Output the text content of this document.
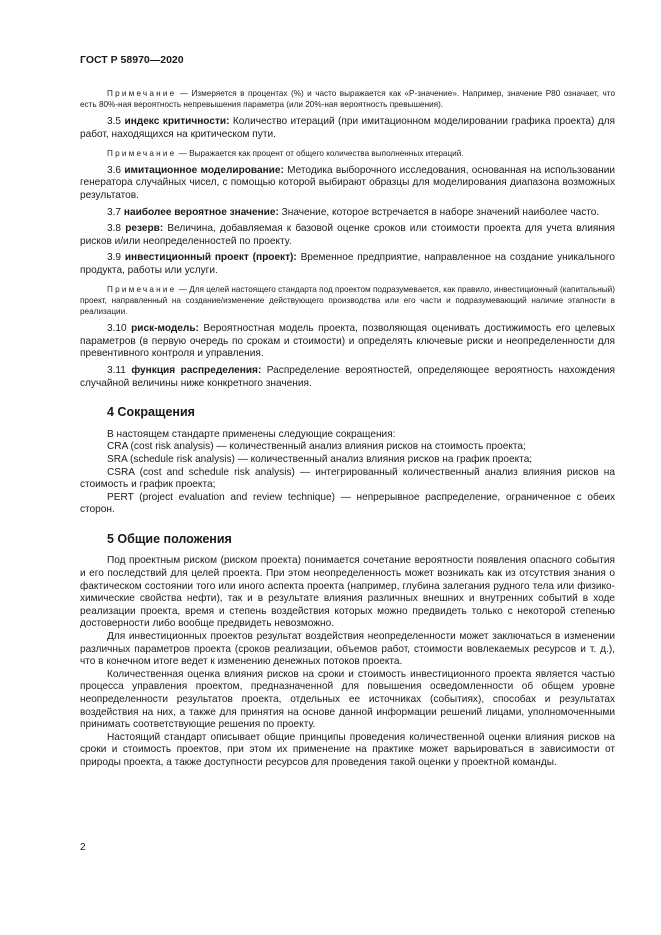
ГОСТ Р 58970—2020

Примечание — Измеряется в процентах (%) и часто выражается как «Р-значение». Например, значение Р80 означает, что есть 80%-ная вероятность непревышения параметра (или 20%-ная вероятность превышения).

3.5 индекс критичности: Количество итераций (при имитационном моделировании графика проекта) для работ, находящихся на критическом пути.

Примечание — Выражается как процент от общего количества выполненных итераций.

3.6 имитационное моделирование: Методика выборочного исследования, основанная на использовании генератора случайных чисел, с помощью которой выбирают образцы для моделирования диапазона возможных результатов.

3.7 наиболее вероятное значение: Значение, которое встречается в наборе значений наиболее часто.

3.8 резерв: Величина, добавляемая к базовой оценке сроков или стоимости проекта для учета влияния рисков и/или неопределенностей по проекту.

3.9 инвестиционный проект (проект): Временное предприятие, направленное на создание уникального продукта, работы или услуги.

Примечание — Для целей настоящего стандарта под проектом подразумевается, как правило, инвестиционный (капитальный) проект, направленный на создание/изменение действующего производства или его части и подразумевающий наличие этапности в реализации.

3.10 риск-модель: Вероятностная модель проекта, позволяющая оценивать достижимость его целевых параметров (в первую очередь по срокам и стоимости) и определять ключевые риски и неопределенности для превентивного контроля и управления.

3.11 функция распределения: Распределение вероятностей, определяющее вероятность нахождения случайной величины ниже конкретного значения.

4 Сокращения

В настоящем стандарте применены следующие сокращения:

CRA (cost risk analysis) — количественный анализ влияния рисков на стоимость проекта;

SRA (schedule risk analysis) — количественный анализ влияния рисков на график проекта;

CSRA (cost and schedule risk analysis) — интегрированный количественный анализ влияния рисков на стоимость и график проекта;

PERT (project evaluation and review technique) — непрерывное распределение, ограниченное с обеих сторон.

5 Общие положения

Под проектным риском (риском проекта) понимается сочетание вероятности появления опасного события и его последствий для целей проекта. При этом неопределенность может возникать как из отсутствия знания о фактическом состоянии того или иного аспекта проекта (например, глубина залегания рудного тела или физико-химические свойства нефти), так и в результате влияния различных внешних и внутренних событий в ходе реализации проекта, время и степень воздействия которых можно предвидеть только с некоторой степенью достоверности либо вообще предвидеть невозможно.

Для инвестиционных проектов результат воздействия неопределенности может заключаться в изменении различных параметров проекта (сроков реализации, объемов работ, стоимости вовлекаемых ресурсов и т. д.), что в конечном итоге ведет к изменению денежных потоков проекта.

Количественная оценка влияния рисков на сроки и стоимость инвестиционного проекта является частью процесса управления проектом, предназначенной для повышения осведомленности об общем уровне неопределенности результатов проекта, отдельных ее источниках (событиях), способах и результатах воздействия на них, а также для принятия на основе данной информации решений лицами, уполномоченными принимать соответствующие решения по проекту.

Настоящий стандарт описывает общие принципы проведения количественной оценки влияния рисков на сроки и стоимость проектов, при этом их применение на практике может варьироваться в зависимости от природы проекта, а также доступности ресурсов для проведения такой оценки у проектной команды.

2
